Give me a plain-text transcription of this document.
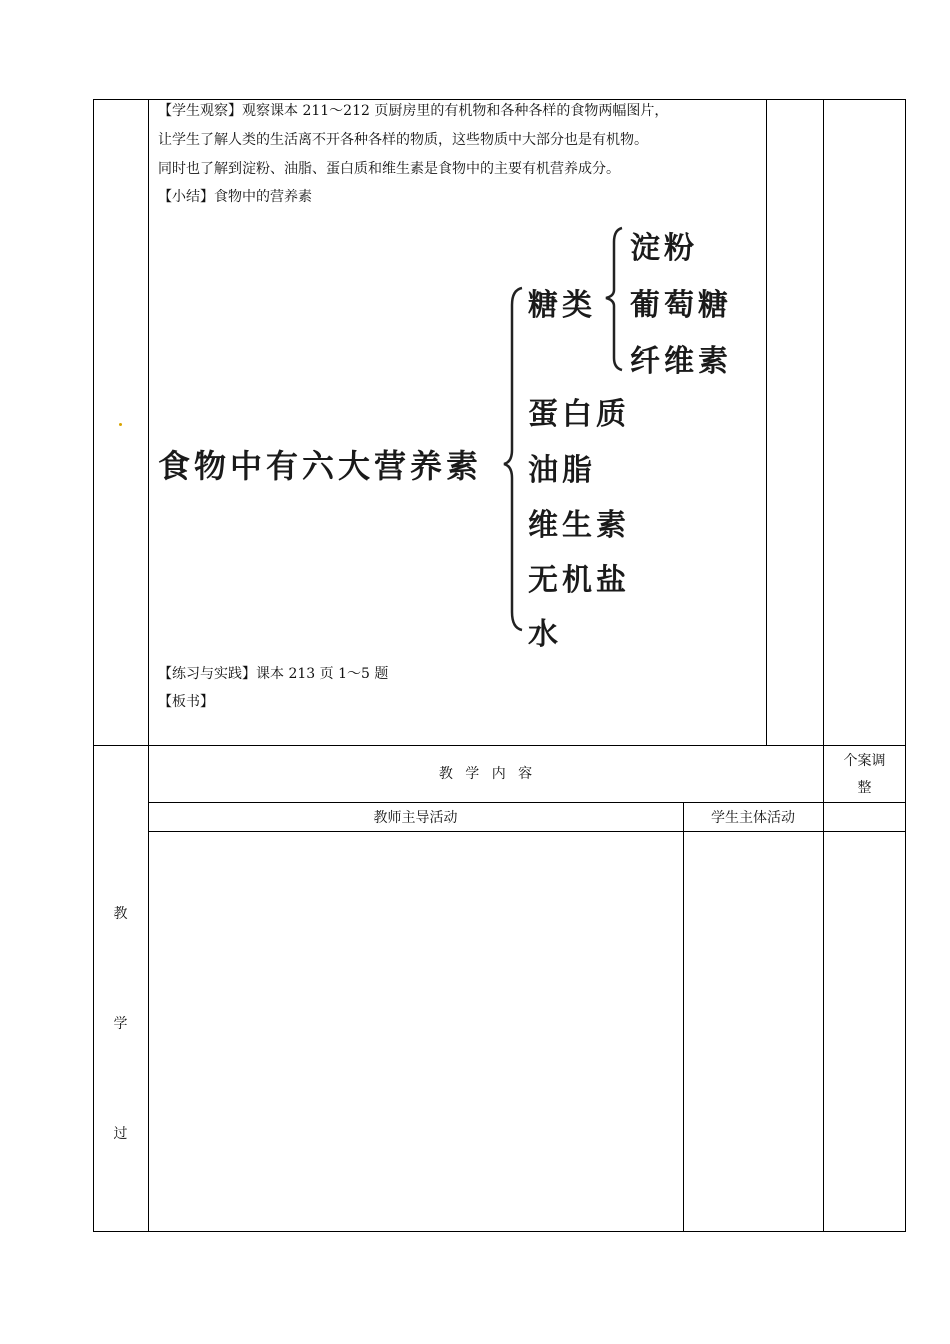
【学生观察】观察课本 211～212 页厨房里的有机物和各种各样的食物两幅图片，
让学生了解人类的生活离不开各种各样的物质，这些物质中大部分也是有机物。
同时也了解到淀粉、油脂、蛋白质和维生素是食物中的主要有机营养成分。
【小结】食物中的营养素
食物中有六大营养素
糖类
淀粉
葡萄糖
纤维素
蛋白质
油脂
维生素
无机盐
水
【练习与实践】课本 213 页 1～5 题
【板书】
教
学
过
教 学 内 容
个案调
整
教师主导活动	学生主体活动
